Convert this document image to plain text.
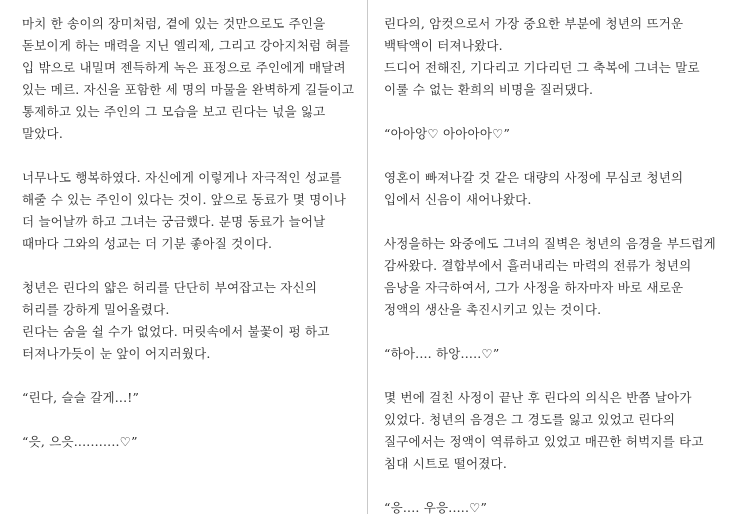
마치 한 송이의 장미처럼, 곁에 있는 것만으로도 주인을
돋보이게 하는 매력을 지닌 엘리제, 그리고 강아지처럼 혀를
입 밖으로 내밀며 젠득하게 녹은 표정으로 주인에게 매달려
있는 메르. 자신을 포함한 세 명의 마물을 완벽하게 길들이고
통제하고 있는 주인의 그 모습을 보고 린다는 넋을 잃고
말았다.
너무나도 행복하였다. 자신에게 이렇게나 자극적인 성교를
해줄 수 있는 주인이 있다는 것이. 앞으로 동료가 몇 명이나
더 늘어날까 하고 그녀는 궁금했다. 분명 동료가 늘어날
때마다 그와의 성교는 더 기분 좋아질 것이다.
청년은 린다의 얇은 허리를 단단히 부여잡고는 자신의
허리를 강하게 밀어올렸다.
린다는 숨을 쉴 수가 없었다. 머릿속에서 불꽃이 펑 하고
터져나가듯이 눈 앞이 어지러웠다.
“린다, 슬슬 갈게...!”
“읏, 으읏...........♡”
린다의, 암컷으로서 가장 중요한 부분에 청년의 뜨거운
백탁액이 터져나왔다.
드디어 전해진, 기다리고 기다리던 그 축복에 그녀는 말로
이룰 수 없는 환희의 비명을 질러댔다.
“아아앙♡ 아아아아♡”
영혼이 빠져나갈 것 같은 대량의 사정에 무심코 청년의
입에서 신음이 새어나왔다.
사정을하는 와중에도 그녀의 질벽은 청년의 음경을 부드럽게
감싸왔다. 결합부에서 흘러내리는 마력의 전류가 청년의
음낭을 자극하여서, 그가 사정을 하자마자 바로 새로운
정액의 생산을 촉진시키고 있는 것이다.
“하아.... 하앙.....♡”
몇 번에 걸친 사정이 끝난 후 린다의 의식은 반쯤 날아가
있었다. 청년의 음경은 그 경도를 잃고 있었고 린다의
질구에서는 정액이 역류하고 있었고 매끈한 허벅지를 타고
침대 시트로 떨어졌다.
“응.... 우응.....♡”
